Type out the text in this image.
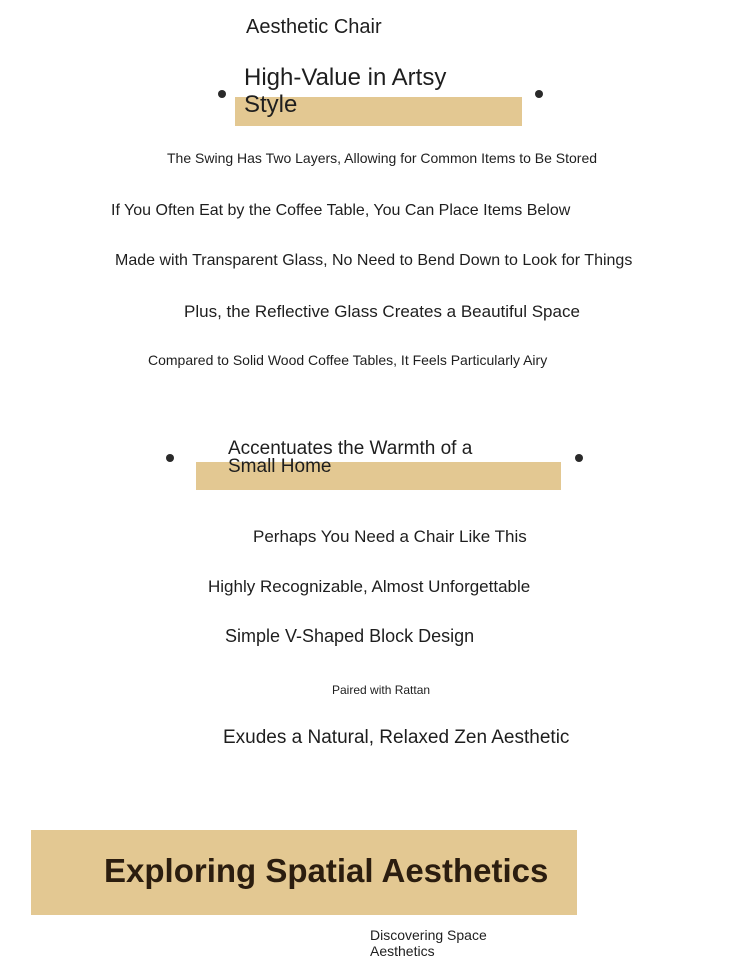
Aesthetic Chair
High-Value in Artsy
Style
The Swing Has Two Layers, Allowing for Common Items to Be Stored
If You Often Eat by the Coffee Table, You Can Place Items Below
Made with Transparent Glass, No Need to Bend Down to Look for Things
Plus, the Reflective Glass Creates a Beautiful Space
Compared to Solid Wood Coffee Tables, It Feels Particularly Airy
Accentuates the Warmth of a
Small Home
Perhaps You Need a Chair Like This
Highly Recognizable, Almost Unforgettable
Simple V-Shaped Block Design
Paired with Rattan
Exudes a Natural, Relaxed Zen Aesthetic
Exploring Spatial Aesthetics
Discovering Space
Aesthetics
